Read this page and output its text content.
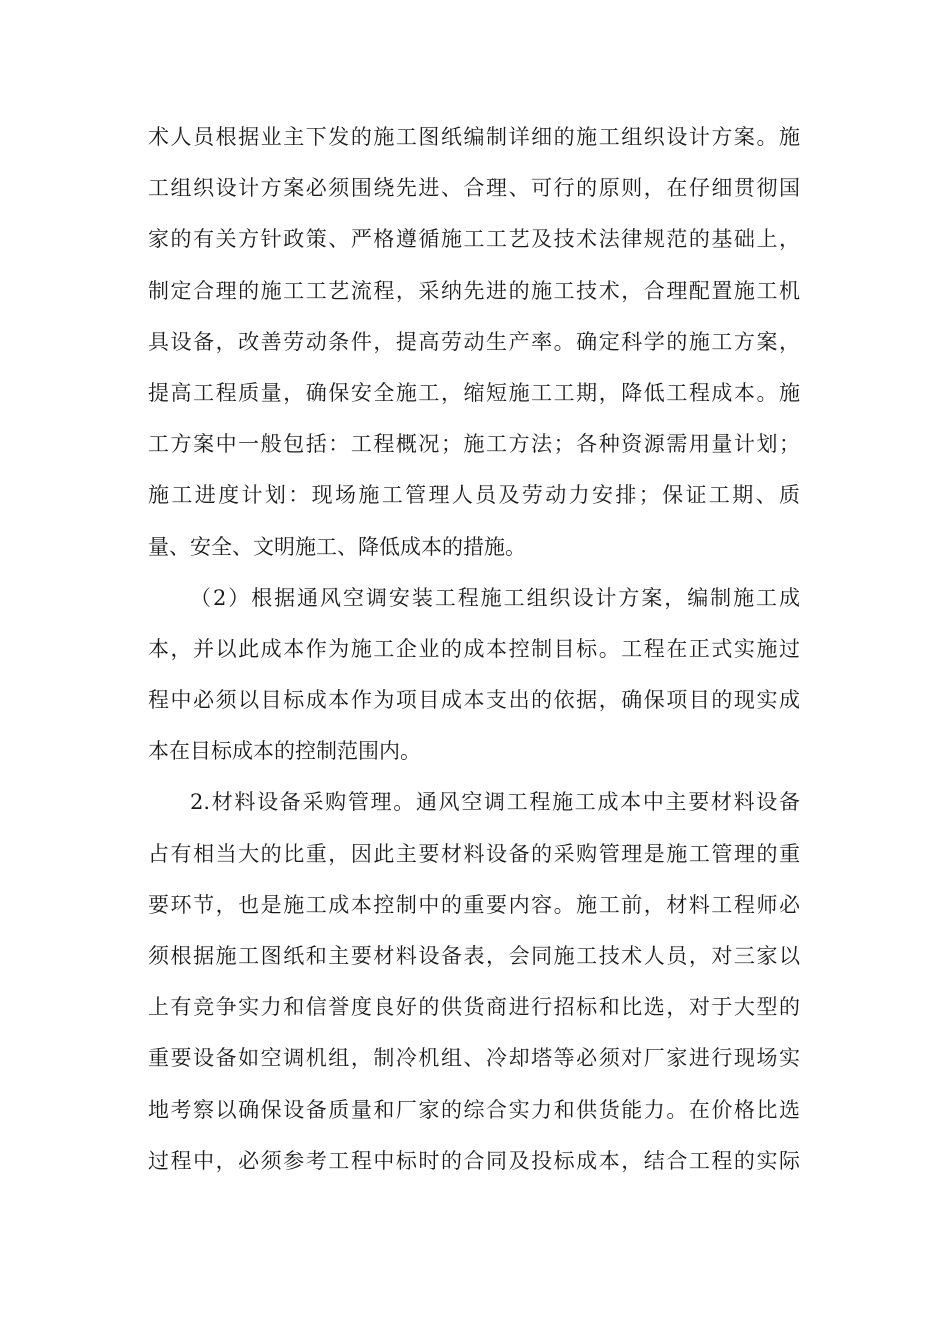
术人员根据业主下发的施工图纸编制详细的施工组织设计方案。施
工组织设计方案必须围绕先进、合理、可行的原则，在仔细贯彻国
家的有关方针政策、严格遵循施工工艺及技术法律规范的基础上，
制定合理的施工工艺流程，采纳先进的施工技术，合理配置施工机
具设备，改善劳动条件，提高劳动生产率。确定科学的施工方案，
提高工程质量，确保安全施工，缩短施工工期，降低工程成本。施
工方案中一般包括：工程概况；施工方法；各种资源需用量计划；
施工进度计划：现场施工管理人员及劳动力安排；保证工期、质
量、安全、文明施工、降低成本的措施。
（2）根据通风空调安装工程施工组织设计方案，编制施工成
本，并以此成本作为施工企业的成本控制目标。工程在正式实施过
程中必须以目标成本作为项目成本支出的依据，确保项目的现实成
本在目标成本的控制范围内。
2.材料设备采购管理。通风空调工程施工成本中主要材料设备
占有相当大的比重，因此主要材料设备的采购管理是施工管理的重
要环节，也是施工成本控制中的重要内容。施工前，材料工程师必
须根据施工图纸和主要材料设备表，会同施工技术人员，对三家以
上有竞争实力和信誉度良好的供货商进行招标和比选，对于大型的
重要设备如空调机组，制冷机组、冷却塔等必须对厂家进行现场实
地考察以确保设备质量和厂家的综合实力和供货能力。在价格比选
过程中，必须参考工程中标时的合同及投标成本，结合工程的实际
